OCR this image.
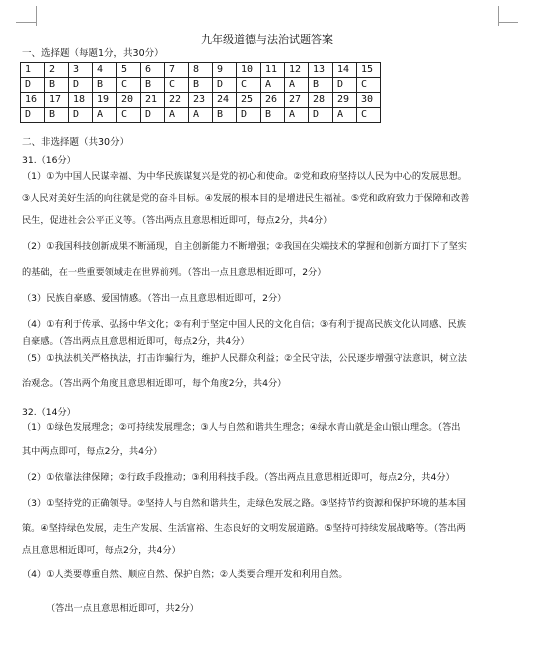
九年级道德与法治试题答案
一、选择题（每题1分，共30分）
1	2	3	4	5	6	7	8	9	10	11	12	13	14	15
D	B	D	B	C	B	C	B	D	C	A	A	B	D	C
16	17	18	19	20	21	22	23	24	25	26	27	28	29	30
D	B	D	A	C	D	A	A	B	D	B	A	D	A	C
二、非选择题（共30分）
31.（16分）
（1）①为中国人民谋幸福、为中华民族谋复兴是党的初心和使命。②党和政府坚持以人民为中心的发展思想。
③人民对美好生活的向往就是党的奋斗目标。④发展的根本目的是增进民生福祉。⑤党和政府致力于保障和改善
民生，促进社会公平正义等。（答出两点且意思相近即可，每点2分，共4分）
（2）①我国科技创新成果不断涌现，自主创新能力不断增强；②我国在尖端技术的掌握和创新方面打下了坚实
的基础，在一些重要领域走在世界前列。（答出一点且意思相近即可，2分）
（3）民族自豪感、爱国情感。（答出一点且意思相近即可，2分）
（4）①有利于传承、弘扬中华文化；②有利于坚定中国人民的文化自信；③有利于提高民族文化认同感、民族
自豪感。（答出两点且意思相近即可，每点2分，共4分）
（5）①执法机关严格执法，打击诈骗行为，维护人民群众利益；②全民守法，公民逐步增强守法意识，树立法
治观念。（答出两个角度且意思相近即可，每个角度2分，共4分）
32.（14分）
（1）①绿色发展理念；②可持续发展理念；③人与自然和谐共生理念；④绿水青山就是金山银山理念。（答出
其中两点即可，每点2分，共4分）
（2）①依靠法律保障；②行政手段推动；③利用科技手段。（答出两点且意思相近即可，每点2分，共4分）
（3）①坚持党的正确领导。②坚持人与自然和谐共生，走绿色发展之路。③坚持节约资源和保护环境的基本国
策。④坚持绿色发展，走生产发展、生活富裕、生态良好的文明发展道路。⑤坚持可持续发展战略等。（答出两
点且意思相近即可，每点2分，共4分）
（4）①人类要尊重自然、顺应自然、保护自然；②人类要合理开发和利用自然。
（答出一点且意思相近即可，共2分）
